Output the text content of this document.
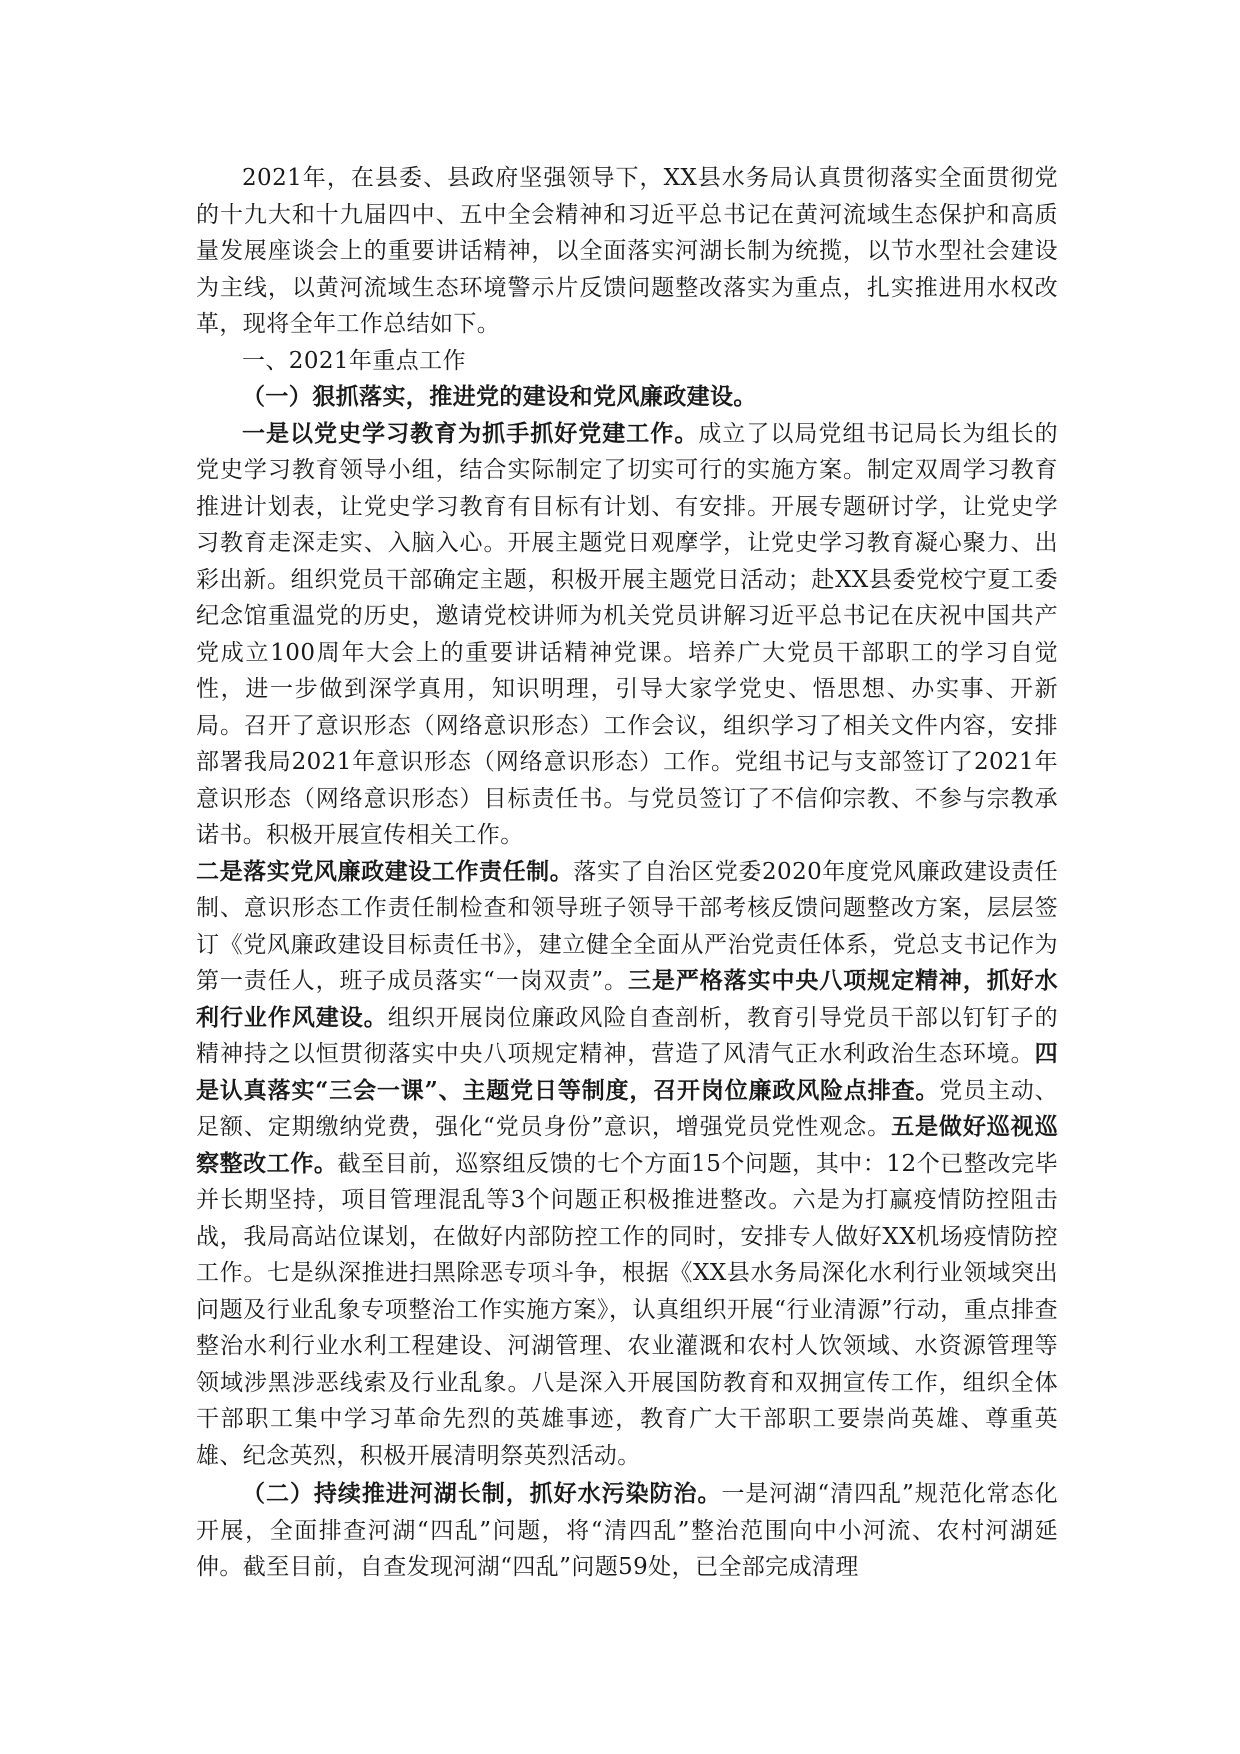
2021年，在县委、县政府坚强领导下，XX县水务局认真贯彻落实全面贯彻党的十九大和十九届四中、五中全会精神和习近平总书记在黄河流域生态保护和高质量发展座谈会上的重要讲话精神，以全面落实河湖长制为统揽，以节水型社会建设为主线，以黄河流域生态环境警示片反馈问题整改落实为重点，扎实推进用水权改革，现将全年工作总结如下。

一、2021年重点工作

（一）狠抓落实，推进党的建设和党风廉政建设。

一是以党史学习教育为抓手抓好党建工作。成立了以局党组书记局长为组长的党史学习教育领导小组，结合实际制定了切实可行的实施方案。制定双周学习教育推进计划表，让党史学习教育有目标有计划、有安排。开展专题研讨学，让党史学习教育走深走实、入脑入心。开展主题党日观摩学，让党史学习教育凝心聚力、出彩出新。组织党员干部确定主题，积极开展主题党日活动；赴XX县委党校宁夏工委纪念馆重温党的历史，邀请党校讲师为机关党员讲解习近平总书记在庆祝中国共产党成立100周年大会上的重要讲话精神党课。培养广大党员干部职工的学习自觉性，进一步做到深学真用，知识明理，引导大家学党史、悟思想、办实事、开新局。召开了意识形态（网络意识形态）工作会议，组织学习了相关文件内容，安排部署我局2021年意识形态（网络意识形态）工作。党组书记与支部签订了2021年意识形态（网络意识形态）目标责任书。与党员签订了不信仰宗教、不参与宗教承诺书。积极开展宣传相关工作。

二是落实党风廉政建设工作责任制。落实了自治区党委2020年度党风廉政建设责任制、意识形态工作责任制检查和领导班子领导干部考核反馈问题整改方案，层层签订《党风廉政建设目标责任书》，建立健全全面从严治党责任体系，党总支书记作为第一责任人，班子成员落实“一岗双责”。三是严格落实中央八项规定精神，抓好水利行业作风建设。组织开展岗位廉政风险自查剖析，教育引导党员干部以钉钉子的精神持之以恒贯彻落实中央八项规定精神，营造了风清气正水利政治生态环境。四是认真落实“三会一课”、主题党日等制度，召开岗位廉政风险点排查。党员主动、足额、定期缴纳党费，强化“党员身份”意识，增强党员党性观念。五是做好巡视巡察整改工作。截至目前，巡察组反馈的七个方面15个问题，其中：12个已整改完毕并长期坚持，项目管理混乱等3个问题正积极推进整改。六是为打赢疫情防控阻击战，我局高站位谋划，在做好内部防控工作的同时，安排专人做好XX机场疫情防控工作。七是纵深推进扫黑除恶专项斗争，根据《XX县水务局深化水利行业领域突出问题及行业乱象专项整治工作实施方案》，认真组织开展“行业清源”行动，重点排查整治水利行业水利工程建设、河湖管理、农业灌溉和农村人饮领域、水资源管理等领域涉黑涉恶线索及行业乱象。八是深入开展国防教育和双拥宣传工作，组织全体干部职工集中学习革命先烈的英雄事迹，教育广大干部职工要崇尚英雄、尊重英雄、纪念英烈，积极开展清明祭英烈活动。

（二）持续推进河湖长制，抓好水污染防治。一是河湖“清四乱”规范化常态化开展，全面排查河湖“四乱”问题，将“清四乱”整治范围向中小河流、农村河湖延伸。截至目前，自查发现河湖“四乱”问题59处，已全部完成清理
